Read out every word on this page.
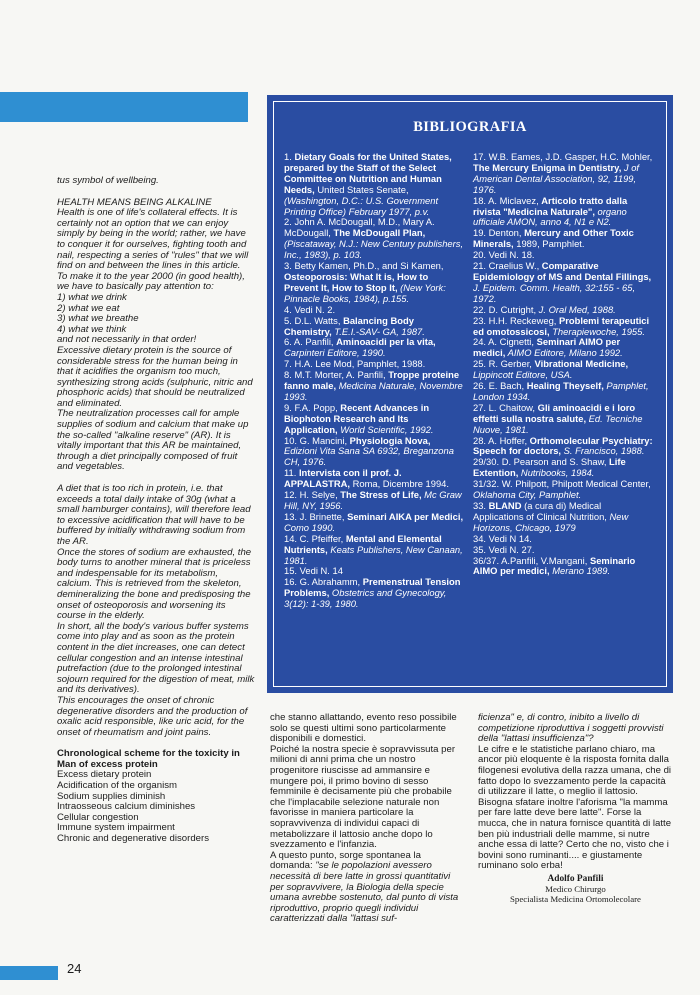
tus symbol of wellbeing.

HEALTH MEANS BEING ALKALINE

Health is one of life's collateral effects. It is certainly not an option that we can enjoy simply by being in the world; rather, we have to conquer it for ourselves, fighting tooth and nail, respecting a series of "rules" that we will find on and between the lines in this article.

To make it to the year 2000 (in good health), we have to basically pay attention to:

1) what we drink

2) what we eat

3) what we breathe

4) what we think

and not necessarily in that order!

Excessive dietary protein is the source of considerable stress for the human being in that it acidifies the organism too much, synthesizing strong acids (sulphuric, nitric and phosphoric acids) that should be neutralized and eliminated.

The neutralization processes call for ample supplies of sodium and calcium that make up the so-called "alkaline reserve" (AR). It is vitally important that this AR be maintained, through a diet principally composed of fruit and vegetables.

A diet that is too rich in protein, i.e. that exceeds a total daily intake of 30g (what a small hamburger contains), will therefore lead to excessive acidification that will have to be buffered by initially withdrawing sodium from the AR.

Once the stores of sodium are exhausted, the body turns to another mineral that is priceless and indespensable for its metabolism, calcium. This is retrieved from the skeleton, demineralizing the bone and predisposing the onset of osteoporosis and worsening its course in the elderly.

In short, all the body's various buffer systems come into play and as soon as the protein content in the diet increases, one can detect cellular congestion and an intense intestinal putrefaction (due to the prolonged intestinal sojourn required for the digestion of meat, milk and its derivatives).

This encourages the onset of chronic degenerative disorders and the production of oxalic acid responsible, like uric acid, for the onset of rheumatism and joint pains.

Chronological scheme for the toxicity in Man of excess protein

Excess dietary protein

Acidification of the organism

Sodium supplies diminish

Intraosseous calcium diminishes

Cellular congestion

Immune system impairment

Chronic and degenerative disorders

BIBLIOGRAFIA

1. Dietary Goals for the United States, prepared by the Staff of the Select Committee on Nutrition and Human Needs, United States Senate, (Washington, D.C.: U.S. Government Printing Office) February 1977, p.v.

2. John A. McDougall, M.D., Mary A. McDougall, The McDougall Plan, (Piscataway, N.J.: New Century publishers, Inc., 1983), p. 103.

3. Betty Kamen, Ph.D., and Si Kamen, Osteoporosis: What It is, How to Prevent It, How to Stop It, (New York: Pinnacle Books, 1984), p.155.

4. Vedi N. 2.

5. D.L. Watts, Balancing Body Chemistry, T.E.I.-SAV- GA, 1987.

6. A. Panfili, Aminoacidi per la vita, Carpinteri Editore, 1990.

7. H.A. Lee Mod, Pamphlet, 1988.

8. M.T. Morter, A. Panfili, Troppe proteine fanno male, Medicina Naturale, Novembre 1993.

9. F.A. Popp, Recent Advances in Biophoton Research and Its Application, World Scientific, 1992.

10. G. Mancini, Physiologia Nova, Edizioni Vita Sana SA 6932, Breganzona CH, 1976.

11. Intervista con il prof. J. APPALASTRA, Roma, Dicembre 1994.

12. H. Selye, The Stress of Life, Mc Graw Hill, NY, 1956.

13. J. Brinette, Seminari AIKA per Medici, Como 1990.

14. C. Pfeiffer, Mental and Elemental Nutrients, Keats Publishers, New Canaan, 1981.

15. Vedi N. 14

16. G. Abrahamm, Premenstrual Tension Problems, Obstetrics and Gynecology, 3(12): 1-39, 1980.

17. W.B. Eames, J.D. Gasper, H.C. Mohler, The Mercury Enigma in Dentistry, J of American Dental Association, 92, 1199, 1976.

18. A. Miclavez, Articolo tratto dalla rivista "Medicina Naturale", organo ufficiale AMON, anno 4, N1 e N2.

19. Denton, Mercury and Other Toxic Minerals, 1989, Pamphlet.

20. Vedi N. 18.

21. Craelius W., Comparative Epidemiology of MS and Dental Fillings, J. Epidem. Comm. Health, 32:155 - 65, 1972.

22. D. Cutright, J. Oral Med, 1988.

23. H.H. Reckeweg, Problemi terapeutici ed omotossicosi, Therapiewoche, 1955.

24. A. Cignetti, Seminari AIMO per medici, AIMO Editore, Milano 1992.

25. R. Gerber, Vibrational Medicine, Lippincott Editore, USA.

26. E. Bach, Healing Theyself, Pamphlet, London 1934.

27. L. Chaitow, Gli aminoacidi e i loro effetti sulla nostra salute, Ed. Tecniche Nuove, 1981.

28. A. Hoffer, Orthomolecular Psychiatry: Speech for doctors, S. Francisco, 1988.

29/30. D. Pearson and S. Shaw, Life Extention, Nutribooks, 1984.

31/32. W. Philpott, Philpott Medical Center, Oklahoma City, Pamphlet.

33. BLAND (a cura di) Medical Applications of Clinical Nutrition, New Horizons, Chicago, 1979

34. Vedi N 14.

35. Vedi N. 27.

36/37. A.Panfili, V.Mangani, Seminario AIMO per medici, Merano 1989.

che stanno allattando, evento reso possibile solo se questi ultimi sono particolarmente disponibili e domestici.

Poiché la nostra specie è sopravvissuta per milioni di anni prima che un nostro progenitore riuscisse ad ammansire e mungere poi, il primo bovino di sesso femminile è decisamente più che probabile che l'implacabile selezione naturale non favorisse in maniera particolare la sopravvivenza di individui capaci di metabolizzare il lattosio anche dopo lo svezzamento e l'infanzia.

A questo punto, sorge spontanea la domanda: "se le popolazioni avessero necessità di bere latte in grossi quantitativi per sopravvivere, la Biologia della specie umana avrebbe sostenuto, dal punto di vista riproduttivo, proprio quegli individui caratterizzati dalla "lattasi suf-

ficienza" e, di contro, inibito a livello di competizione riproduttiva i soggetti provvisti della "lattasi insufficienza"?

Le cifre e le statistiche parlano chiaro, ma ancor più eloquente è la risposta fornita dalla filogenesi evolutiva della razza umana, che di fatto dopo lo svezzamento perde la capacità di utilizzare il latte, o meglio il lattosio.

Bisogna sfatare inoltre l'aforisma "la mamma per fare latte deve bere latte". Forse la mucca, che in natura fornisce quantità di latte ben più industriali delle mamme, si nutre anche essa di latte? Certo che no, visto che i bovini sono ruminanti.... e giustamente ruminano solo erba!

Adolfo Panfili
Medico Chirurgo
Specialista Medicina Ortomolecolare
24
